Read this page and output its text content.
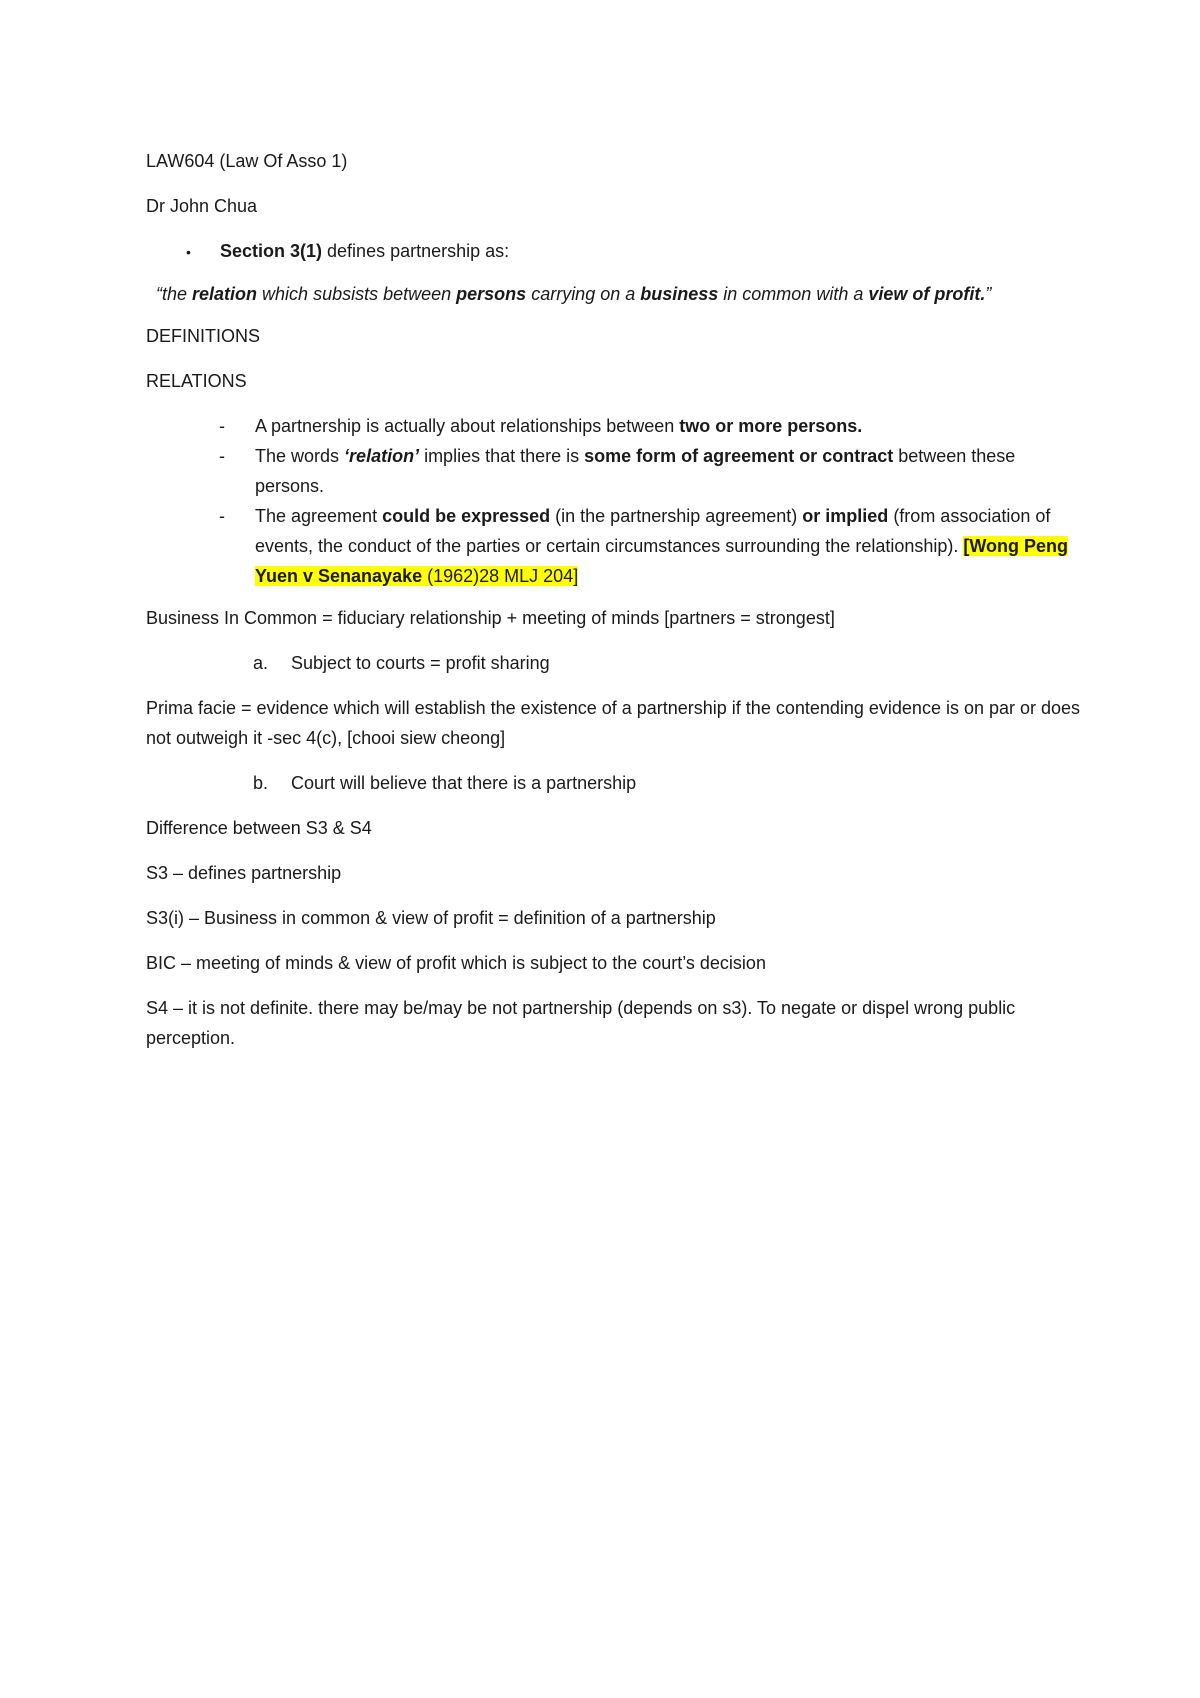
LAW604 (Law Of Asso 1)

Dr John Chua

•	Section 3(1) defines partnership as:

“the relation which subsists between persons carrying on a business in common with a view of profit.”

DEFINITIONS

RELATIONS

-	A partnership is actually about relationships between two or more persons.
-	The words ‘relation’ implies that there is some form of agreement or contract between these persons.
-	The agreement could be expressed (in the partnership agreement) or implied (from association of events, the conduct of the parties or certain circumstances surrounding the relationship). [Wong Peng Yuen v Senanayake (1962)28 MLJ 204]

Business In Common = fiduciary relationship + meeting of minds [partners = strongest]

a.	Subject to courts = profit sharing

Prima facie = evidence which will establish the existence of a partnership if the contending evidence is on par or does not outweigh it -sec 4(c), [chooi siew cheong]

b.	Court will believe that there is a partnership

Difference between S3 & S4

S3 – defines partnership

S3(i) – Business in common & view of profit = definition of a partnership

BIC – meeting of minds & view of profit which is subject to the court’s decision

S4 – it is not definite. there may be/may be not partnership (depends on s3). To negate or dispel wrong public perception.
